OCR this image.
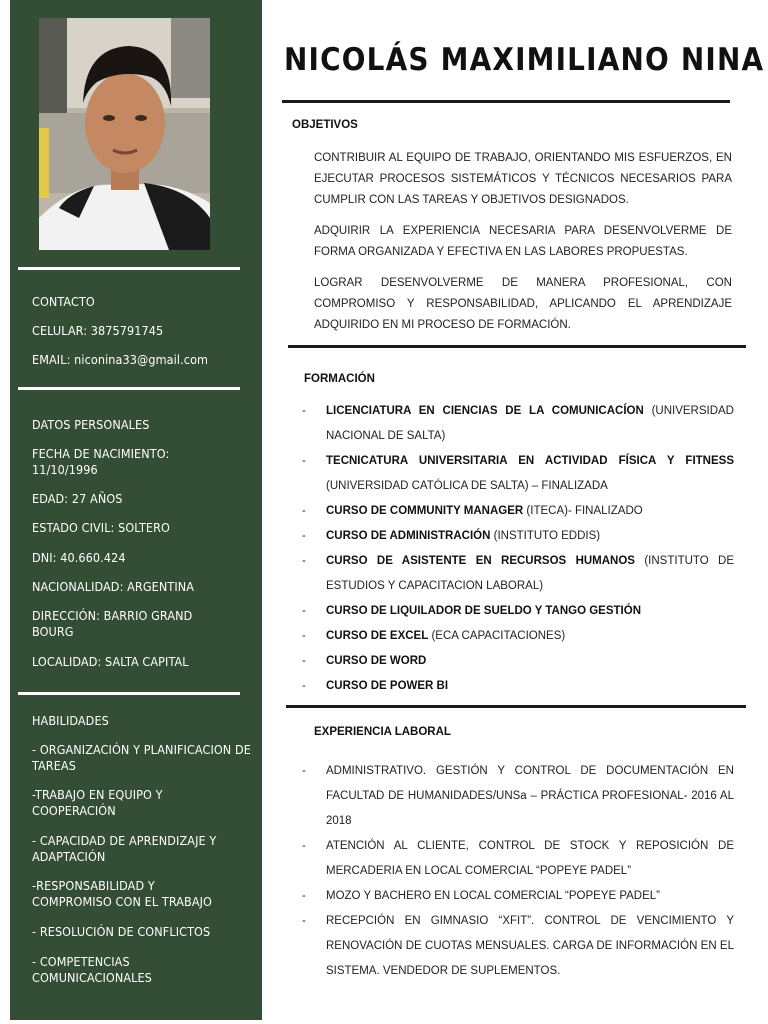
CONTACTO
CELULAR: 3875791745
EMAIL: niconina33@gmail.com
DATOS PERSONALES
FECHA DE NACIMIENTO: 11/10/1996
EDAD: 27 AÑOS
ESTADO CIVIL: SOLTERO
DNI: 40.660.424
NACIONALIDAD: ARGENTINA
DIRECCIÓN: BARRIO GRAND BOURG
LOCALIDAD: SALTA CAPITAL
HABILIDADES
- ORGANIZACIÓN Y PLANIFICACION DE TAREAS
-TRABAJO EN EQUIPO Y COOPERACIÓN
- CAPACIDAD DE APRENDIZAJE Y ADAPTACIÓN
-RESPONSABILIDAD Y COMPROMISO CON EL TRABAJO
- RESOLUCIÓN DE CONFLICTOS
- COMPETENCIAS COMUNICACIONALES
NICOLÁS MAXIMILIANO NINA
OBJETIVOS

CONTRIBUIR AL EQUIPO DE TRABAJO, ORIENTANDO MIS ESFUERZOS, EN EJECUTAR PROCESOS SISTEMÁTICOS Y TÉCNICOS NECESARIOS PARA CUMPLIR CON LAS TAREAS Y OBJETIVOS DESIGNADOS.

ADQUIRIR LA EXPERIENCIA NECESARIA PARA DESENVOLVERME DE FORMA ORGANIZADA Y EFECTIVA EN LAS LABORES PROPUESTAS.

LOGRAR DESENVOLVERME DE MANERA PROFESIONAL, CON COMPROMISO Y RESPONSABILIDAD, APLICANDO EL APRENDIZAJE ADQUIRIDO EN MI PROCESO DE FORMACIÓN.

FORMACIÓN
- LICENCIATURA EN CIENCIAS DE LA COMUNICACÍON (UNIVERSIDAD NACIONAL DE SALTA)
- TECNICATURA UNIVERSITARIA EN ACTIVIDAD FÍSICA Y FITNESS (UNIVERSIDAD CATÓLICA DE SALTA) – FINALIZADA
- CURSO DE COMMUNITY MANAGER (ITECA)- FINALIZADO
- CURSO DE ADMINISTRACIÓN (INSTITUTO EDDIS)
- CURSO DE ASISTENTE EN RECURSOS HUMANOS (INSTITUTO DE ESTUDIOS Y CAPACITACION LABORAL)
- CURSO DE LIQUILADOR DE SUELDO Y TANGO GESTIÓN
- CURSO DE EXCEL (ECA CAPACITACIONES)
- CURSO DE WORD
- CURSO DE POWER BI
EXPERIENCIA LABORAL
- ADMINISTRATIVO. GESTIÓN Y CONTROL DE DOCUMENTACIÓN EN FACULTAD DE HUMANIDADES/UNSa – PRÁCTICA PROFESIONAL- 2016 AL 2018
- ATENCIÓN AL CLIENTE, CONTROL DE STOCK Y REPOSICIÓN DE MERCADERIA EN LOCAL COMERCIAL “POPEYE PADEL”
- MOZO Y BACHERO EN LOCAL COMERCIAL “POPEYE PADEL”
- RECEPCIÓN EN GIMNASIO “XFIT”. CONTROL DE VENCIMIENTO Y RENOVACIÓN DE CUOTAS MENSUALES. CARGA DE INFORMACIÓN EN EL SISTEMA. VENDEDOR DE SUPLEMENTOS.
